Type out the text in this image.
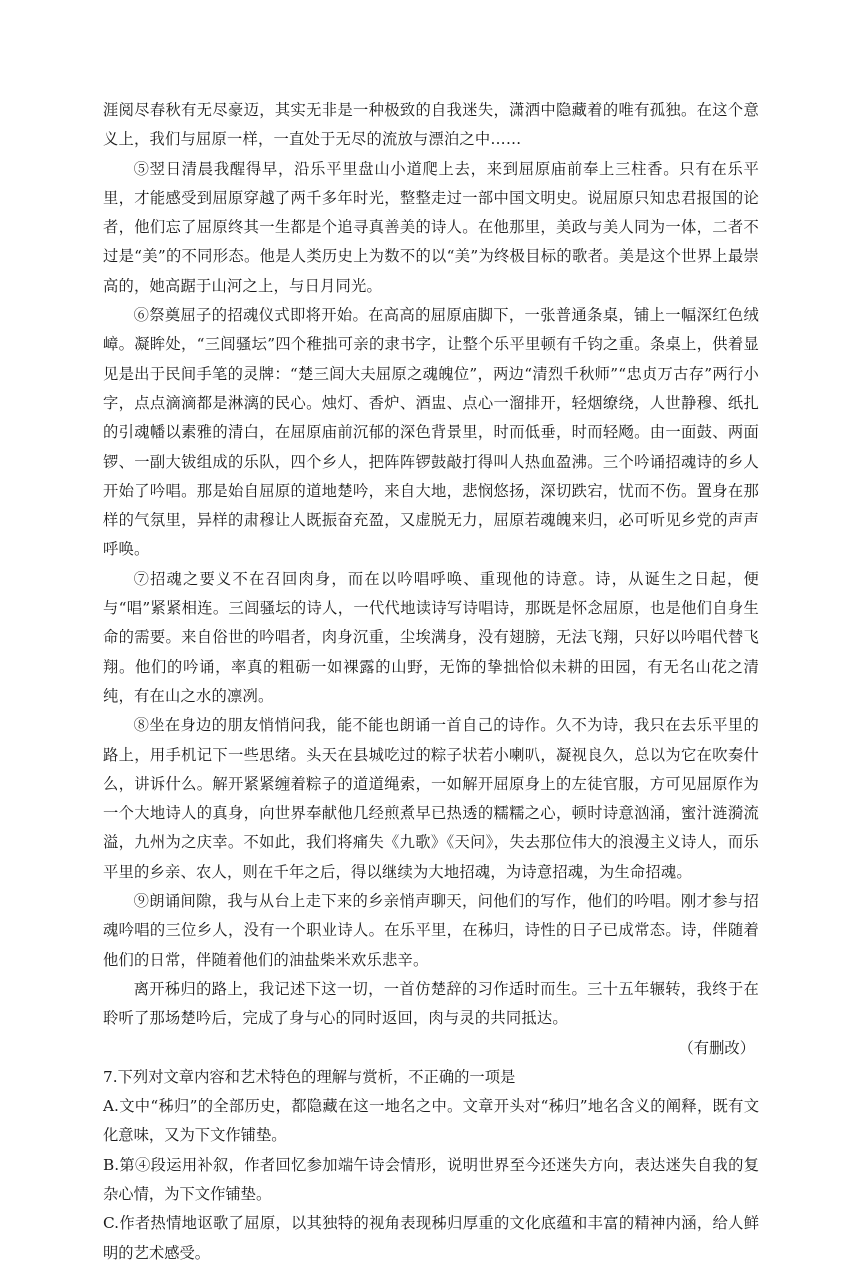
涯阅尽春秋有无尽豪迈，其实无非是一种极致的自我迷失，潇洒中隐藏着的唯有孤独。在这个意义上，我们与屈原一样，一直处于无尽的流放与漂泊之中……

⑤翌日清晨我醒得早，沿乐平里盘山小道爬上去，来到屈原庙前奉上三柱香。只有在乐平里，才能感受到屈原穿越了两千多年时光，整整走过一部中国文明史。说屈原只知忠君报国的论者，他们忘了屈原终其一生都是个追寻真善美的诗人。在他那里，美政与美人同为一体，二者不过是“美”的不同形态。他是人类历史上为数不的以“美”为终极目标的歌者。美是这个世界上最崇高的，她高踞于山河之上，与日月同光。

⑥祭奠屈子的招魂仪式即将开始。在高高的屈原庙脚下，一张普通条桌，铺上一幅深红色绒嶂。凝眸处，“三闾骚坛”四个稚拙可亲的隶书字，让整个乐平里顿有千钧之重。条桌上，供着显见是出于民间手笔的灵牌：“楚三闾大夫屈原之魂魄位”，两边“清烈千秋师”“忠贞万古存”两行小字，点点滴滴都是淋漓的民心。烛灯、香炉、酒盅、点心一溜排开，轻烟缭绕，人世静穆、纸扎的引魂幡以素雅的清白，在屈原庙前沉郁的深色背景里，时而低垂，时而轻飏。由一面鼓、两面锣、一副大钹组成的乐队，四个乡人，把阵阵锣鼓敲打得叫人热血盈沸。三个吟诵招魂诗的乡人开始了吟唱。那是始自屈原的道地楚吟，来自大地，悲悯悠扬，深切跌宕，忧而不伤。置身在那样的气氛里，异样的肃穆让人既振奋充盈，又虚脱无力，屈原若魂魄来归，必可听见乡党的声声呼唤。

⑦招魂之要义不在召回肉身，而在以吟唱呼唤、重现他的诗意。诗，从诞生之日起，便与“唱”紧紧相连。三闾骚坛的诗人，一代代地读诗写诗唱诗，那既是怀念屈原，也是他们自身生命的需要。来自俗世的吟唱者，肉身沉重，尘埃满身，没有翅膀，无法飞翔，只好以吟唱代替飞翔。他们的吟诵，率真的粗砺一如裸露的山野，无饰的挚拙恰似未耕的田园，有无名山花之清纯，有在山之水的凛冽。

⑧坐在身边的朋友悄悄问我，能不能也朗诵一首自己的诗作。久不为诗，我只在去乐平里的路上，用手机记下一些思绪。头天在县城吃过的粽子状若小喇叭，凝视良久，总以为它在吹奏什么，讲诉什么。解开紧紧缠着粽子的道道绳索，一如解开屈原身上的左徒官服，方可见屈原作为一个大地诗人的真身，向世界奉献他几经煎煮早已热透的糯糯之心，顿时诗意汹涌，蜜汁涟漪流溢，九州为之庆幸。不如此，我们将痛失《九歌》《天问》，失去那位伟大的浪漫主义诗人，而乐平里的乡亲、农人，则在千年之后，得以继续为大地招魂，为诗意招魂，为生命招魂。

⑨朗诵间隙，我与从台上走下来的乡亲悄声聊天，问他们的写作，他们的吟唱。刚才参与招魂吟唱的三位乡人，没有一个职业诗人。在乐平里，在秭归，诗性的日子已成常态。诗，伴随着他们的日常，伴随着他们的油盐柴米欢乐悲辛。

离开秭归的路上，我记述下这一切，一首仿楚辞的习作适时而生。三十五年辗转，我终于在聆听了那场楚吟后，完成了身与心的同时返回，肉与灵的共同抵达。

（有删改）

7.下列对文章内容和艺术特色的理解与赏析，不正确的一项是

A.文中“秭归”的全部历史，都隐藏在这一地名之中。文章开头对“秭归”地名含义的阐释，既有文化意味，又为下文作铺垫。

B.第④段运用补叙，作者回忆参加端午诗会情形，说明世界至今还迷失方向，表达迷失自我的复杂心情，为下文作铺垫。

C.作者热情地讴歌了屈原，以其独特的视角表现秭归厚重的文化底蕴和丰富的精神内涵，给人鲜明的艺术感受。
